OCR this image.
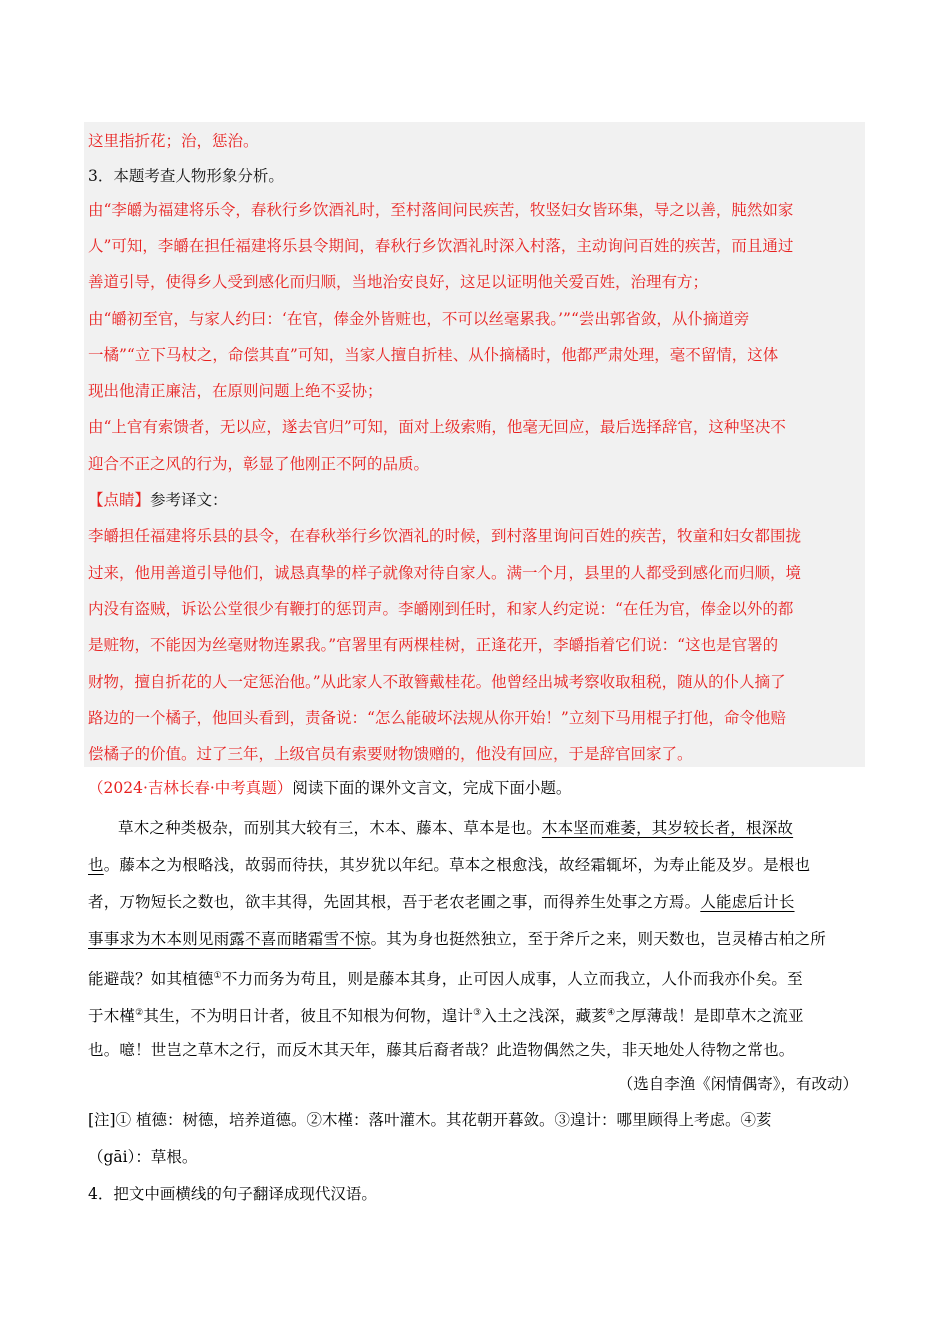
这里指折花；治，惩治。
3．本题考查人物形象分析。
由“李皭为福建将乐令，春秋行乡饮酒礼时，至村落间问民疾苦，牧竖妇女皆环集，导之以善，肫然如家
人”可知，李皭在担任福建将乐县令期间，春秋行乡饮酒礼时深入村落，主动询问百姓的疾苦，而且通过
善道引导，使得乡人受到感化而归顺，当地治安良好，这足以证明他关爱百姓，治理有方；
由“皭初至官，与家人约曰：‘在官，俸金外皆赃也，不可以丝毫累我。’”“尝出郭省敛，从仆摘道旁
一橘”“立下马杖之，命偿其直”可知，当家人擅自折桂、从仆摘橘时，他都严肃处理，毫不留情，这体
现出他清正廉洁，在原则问题上绝不妥协；
由“上官有索馈者，无以应，遂去官归”可知，面对上级索贿，他毫无回应，最后选择辞官，这种坚决不
迎合不正之风的行为，彰显了他刚正不阿的品质。
【点睛】参考译文：
李皭担任福建将乐县的县令，在春秋举行乡饮酒礼的时候，到村落里询问百姓的疾苦，牧童和妇女都围拢
过来，他用善道引导他们，诚恳真挚的样子就像对待自家人。满一个月，县里的人都受到感化而归顺，境
内没有盗贼，诉讼公堂很少有鞭打的惩罚声。李皭刚到任时，和家人约定说：“在任为官，俸金以外的都
是赃物，不能因为丝毫财物连累我。”官署里有两棵桂树，正逢花开，李皭指着它们说：“这也是官署的
财物，擅自折花的人一定惩治他。”从此家人不敢簪戴桂花。他曾经出城考察收取租税，随从的仆人摘了
路边的一个橘子，他回头看到，责备说：“怎么能破坏法规从你开始！”立刻下马用棍子打他，命令他赔
偿橘子的价值。过了三年，上级官员有索要财物馈赠的，他没有回应，于是辞官回家了。
（2024·吉林长春·中考真题）阅读下面的课外文言文，完成下面小题。
草木之种类极杂，而别其大较有三，木本、藤本、草本是也。木本坚而难萎，其岁较长者，根深故
也。藤本之为根略浅，故弱而待扶，其岁犹以年纪。草本之根愈浅，故经霜辄坏，为寿止能及岁。是根也
者，万物短长之数也，欲丰其得，先固其根，吾于老农老圃之事，而得养生处事之方焉。人能虑后计长
事事求为木本则见雨露不喜而睹霜雪不惊。其为身也挺然独立，至于斧斤之来，则天数也，岂灵椿古柏之所
能避哉？如其植德①不力而务为苟且，则是藤本其身，止可因人成事，人立而我立，人仆而我亦仆矣。至
于木槿②其生，不为明日计者，彼且不知根为何物，遑计③入土之浅深，藏荄④之厚薄哉！是即草木之流亚
也。噫！世岂之草木之行，而反木其天年，藤其后裔者哉？此造物偶然之失，非天地处人待物之常也。
（选自李渔《闲情偶寄》，有改动）
[注]① 植德：树德，培养道德。②木槿：落叶灌木。其花朝开暮敛。③遑计：哪里顾得上考虑。④荄
（gāi）：草根。
4．把文中画横线的句子翻译成现代汉语。
